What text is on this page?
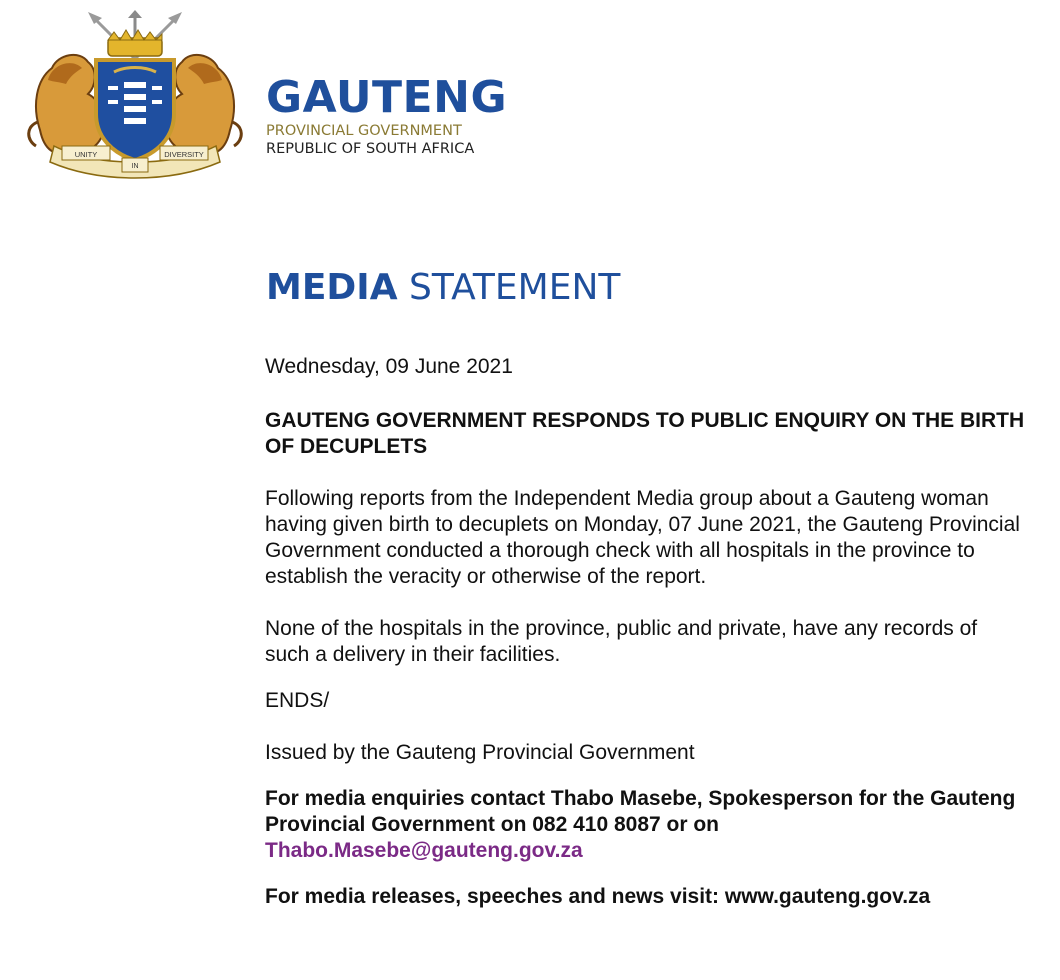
UNITY
IN
DIVERSITY
GAUTENG
PROVINCIAL GOVERNMENT
REPUBLIC OF SOUTH AFRICA
MEDIA STATEMENT

Wednesday, 09 June 2021

GAUTENG GOVERNMENT RESPONDS TO PUBLIC ENQUIRY ON THE BIRTH OF DECUPLETS

Following reports from the Independent Media group about a Gauteng woman having given birth to decuplets on Monday, 07 June 2021, the Gauteng Provincial Government conducted a thorough check with all hospitals in the province to establish the veracity or otherwise of the report.

None of the hospitals in the province, public and private, have any records of such a delivery in their facilities.

ENDS/

Issued by the Gauteng Provincial Government

For media enquiries contact Thabo Masebe, Spokesperson for the Gauteng Provincial Government on 082 410 8087 or on
Thabo.Masebe@gauteng.gov.za

For media releases, speeches and news visit: www.gauteng.gov.za
